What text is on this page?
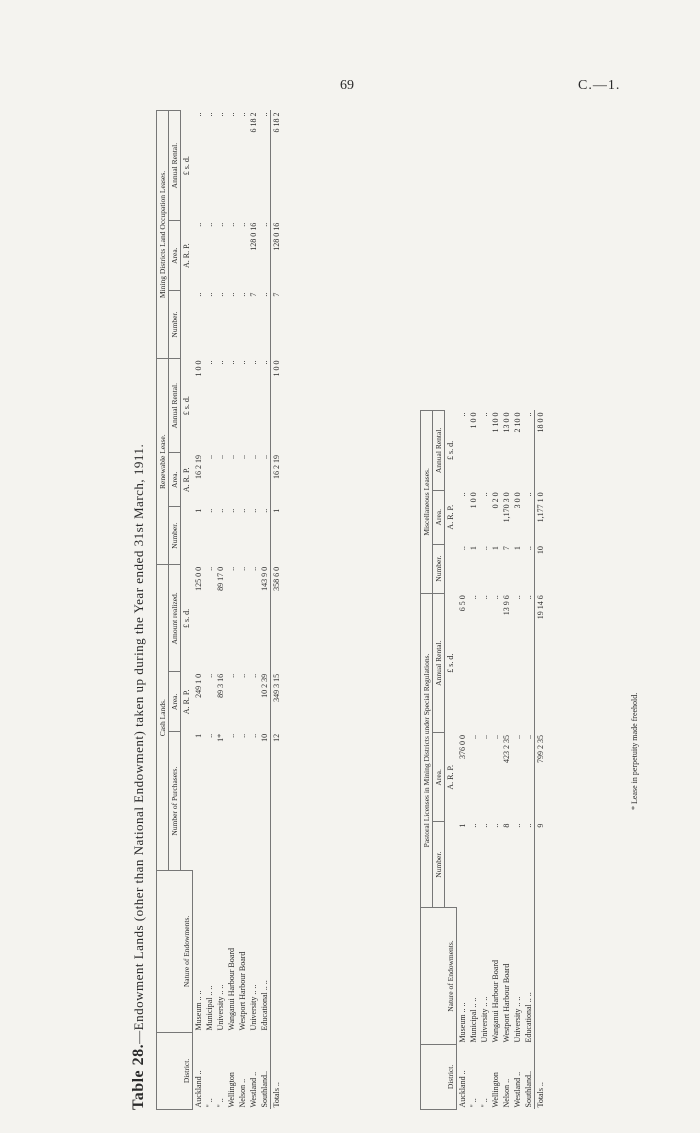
69	C.—1.
Table 28.—Endowment Lands (other than National Endowment) taken up during the Year ended 31st March, 1911.
District.	Nature of Endowments.	Cash Lands.			Renewable Lease.			Mining Districts Land Occupation Leases.		
		Number of Purchasers.	Area.	Amount realized.	Number.	Area.	Annual Rental.	Number.	Area.	Annual Rental.
			A. R. P.	£ s. d.		A. R. P.	£ s. d.		A. R. P.	£ s. d.
Auckland ..	Museum .. ..	1	249 1 0	125 0 0	1	16 2 19	1 0 0	..	..	..
" ..	Municipal .. ..	..	..	..	..	..	..	..	..	..
" ..	University .. ..	1*	89 3 16	89 17 0	..	..	..	..	..	..
Wellington	Wanganui Harbour Board	..	..	..	..	..	..	..	..	..
Nelson ..	Westport Harbour Board	..	..	..	..	..	..	..	..	..
Westland ..	University .. ..	..	..	..	..	..	..	7	128 0 16	6 18 2
Southland..	Educational .. ..	10	10 2 39	143 9 0	..	..	..	..	..	..
Totals ..		12	349 3 15	358 6 0	1	16 2 19	1 0 0	7	128 0 16	6 18 2
District.	Nature of Endowments.	Pastoral Licenses in Mining Districts under Special Regulations.			Miscellaneous Leases.		
		Number.	Area.	Annual Rental.	Number.	Area.	Annual Rental.
			A. R. P.	£ s. d.		A. R. P.	£ s. d.
Auckland ..	Museum .. ..	1	376 0 0	6 5 0	..	..	..
" ..	Municipal .. ..	..	..	..	1	1 0 0	1 0 0
" ..	University .. ..	..	..	..	..	..	..
Wellington	Wanganui Harbour Board	..	..	..	1	0 2 0	1 10 0
Nelson ..	Westport Harbour Board	8	423 2 35	13 9 6	7	1,170 3 0	13 0 0
Westland ..	University .. ..	..	..	..	1	3 0 0	2 10 0
Southland..	Educational .. ..	..	..	..	..	..	..
Totals ..		9	799 2 35	19 14 6	10	1,177 1 0	18 0 0
* Lease in perpetuity made freehold.
